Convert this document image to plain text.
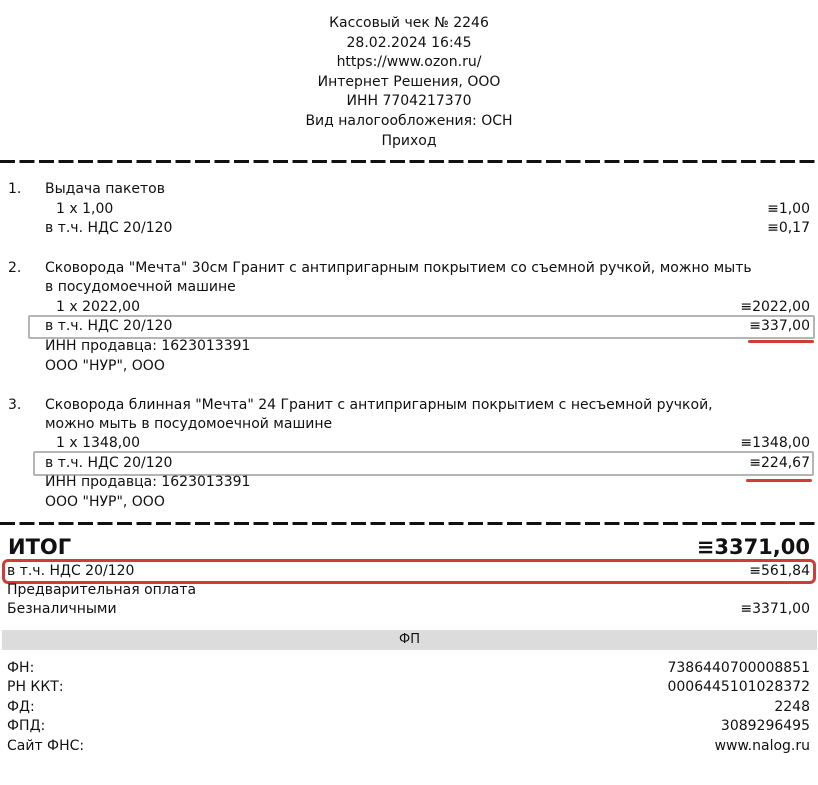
Кассовый чек № 2246
28.02.2024 16:45
https://www.ozon.ru/
Интернет Решения, ООО
ИНН 7704217370
Вид налогообложения: ОСН
Приход
1. Выдача пакетов
1 x 1,00	≡1,00
в т.ч. НДС 20/120	≡0,17
2. Сковорода "Мечта" 30см Гранит с антипригарным покрытием со съемной ручкой, можно мыть
в посудомоечной машине
1 x 2022,00	≡2022,00
в т.ч. НДС 20/120	≡337,00
ИНН продавца: 1623013391
ООО "НУР", ООО
3. Сковорода блинная "Мечта" 24 Гранит с антипригарным покрытием с несъемной ручкой,
можно мыть в посудомоечной машине
1 x 1348,00	≡1348,00
в т.ч. НДС 20/120	≡224,67
ИНН продавца: 1623013391
ООО "НУР", ООО
ИТОГ	≡3371,00
в т.ч. НДС 20/120	≡561,84
Предварительная оплата
Безналичными	≡3371,00
ФП
ФН:	7386440700008851
РН ККТ:	0006445101028372
ФД:	2248
ФПД:	3089296495
Сайт ФНС:	www.nalog.ru
